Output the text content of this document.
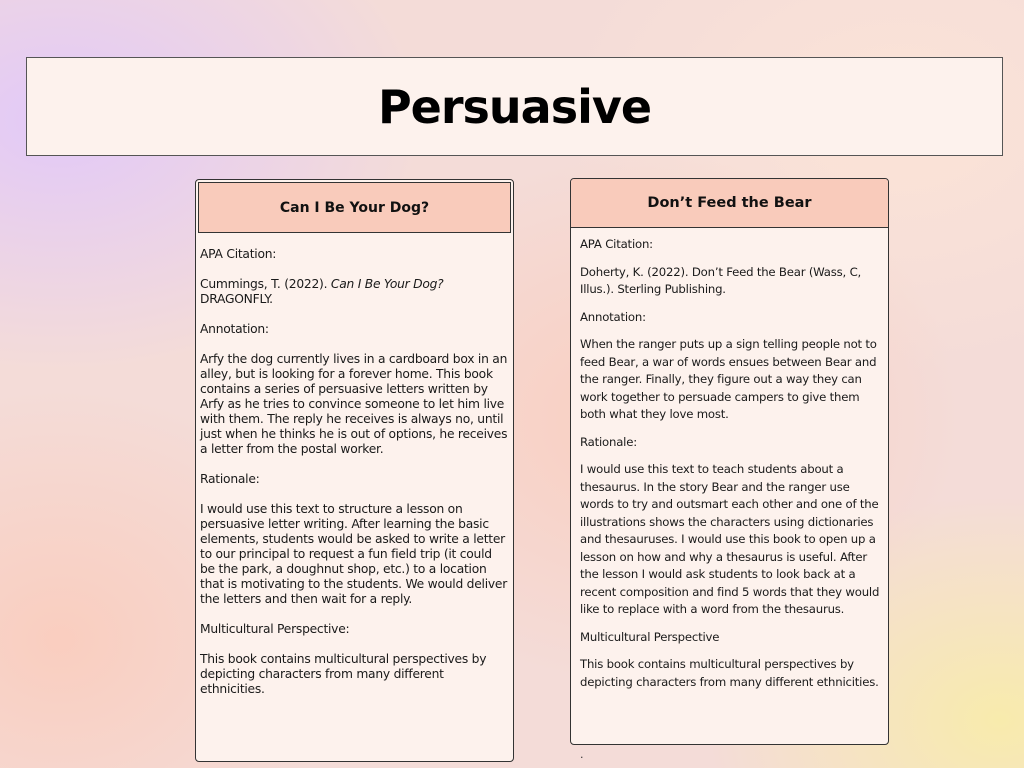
Persuasive
Can I Be Your Dog?

APA Citation:

Cummings, T. (2022). Can I Be Your Dog? DRAGONFLY.

Annotation:

Arfy the dog currently lives in a cardboard box in an alley, but is looking for a forever home. This book contains a series of persuasive letters written by Arfy as he tries to convince someone to let him live with them. The reply he receives is always no, until just when he thinks he is out of options, he receives a letter from the postal worker.

Rationale:

I would use this text to structure a lesson on persuasive letter writing. After learning the basic elements, students would be asked to write a letter to our principal to request a fun field trip (it could be the park, a doughnut shop, etc.) to a location that is motivating to the students. We would deliver the letters and then wait for a reply.

Multicultural Perspective:

This book contains multicultural perspectives by depicting characters from many different ethnicities.

Don’t Feed the Bear

APA Citation:

Doherty, K. (2022). Don’t Feed the Bear (Wass, C, Illus.). Sterling Publishing.

Annotation:

When the ranger puts up a sign telling people not to feed Bear, a war of words ensues between Bear and the ranger. Finally, they figure out a way they can work together to persuade campers to give them both what they love most.

Rationale:

I would use this text to teach students about a thesaurus. In the story Bear and the ranger use words to try and outsmart each other and one of the illustrations shows the characters using dictionaries and thesauruses. I would use this book to open up a lesson on how and why a thesaurus is useful. After the lesson I would ask students to look back at a recent composition and find 5 words that they would like to replace with a word from the thesaurus.

Multicultural Perspective

This book contains multicultural perspectives by depicting characters from many different ethnicities.

.
